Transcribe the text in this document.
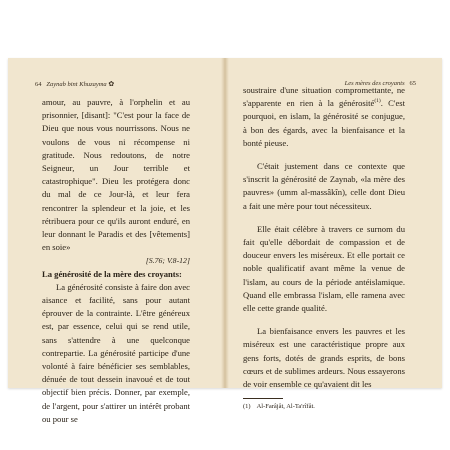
64 Zaynab bint Khuzayma ✿

amour, au pauvre, à l'orphelin et au prisonnier, [disant]: "C'est pour la face de Dieu que nous vous nourrissons. Nous ne voulons de vous ni récompense ni gratitude. Nous redoutons, de notre Seigneur, un Jour terrible et catastrophique". Dieu les protégera donc du mal de ce Jour-là, et leur fera rencontrer la splendeur et la joie, et les rétribuera pour ce qu'ils auront enduré, en leur donnant le Paradis et des [vêtements] en soie»

[S.76; V.8-12]

La générosité de la mère des croyants:

La générosité consiste à faire don avec aisance et facilité, sans pour autant éprouver de la contrainte. L'être généreux est, par essence, celui qui se rend utile, sans s'attendre à une quelconque contrepartie. La générosité participe d'une volonté à faire bénéficier ses semblables, dénuée de tout dessein inavoué et de tout objectif bien précis. Donner, par exemple, de l'argent, pour s'attirer un intérêt probant ou pour se

Les mères des croyants 65

soustraire d'une situation compromettante, ne s'apparente en rien à la générosité$^{(1)}$. C'est pourquoi, en islam, la générosité se conjugue, à bon des égards, avec la bienfaisance et la bonté pieuse.

C'était justement dans ce contexte que s'inscrit la générosité de Zaynab, «la mère des pauvres» (umm al-massâkîn), celle dont Dieu a fait une mère pour tout nécessiteux.

Elle était célèbre à travers ce surnom du fait qu'elle débordait de compassion et de douceur envers les miséreux. Et elle portait ce noble qualificatif avant même la venue de l'islam, au cours de la période antéislamique. Quand elle embrassa l'islam, elle ramena avec elle cette grande qualité.

La bienfaisance envers les pauvres et les miséreux est une caractéristique propre aux gens forts, dotés de grands esprits, de bons cœurs et de sublimes ardeurs. Nous essayerons de voir ensemble ce qu'avaient dit les

(1) Al-Farâjât, Al-Ta'rîfât.
